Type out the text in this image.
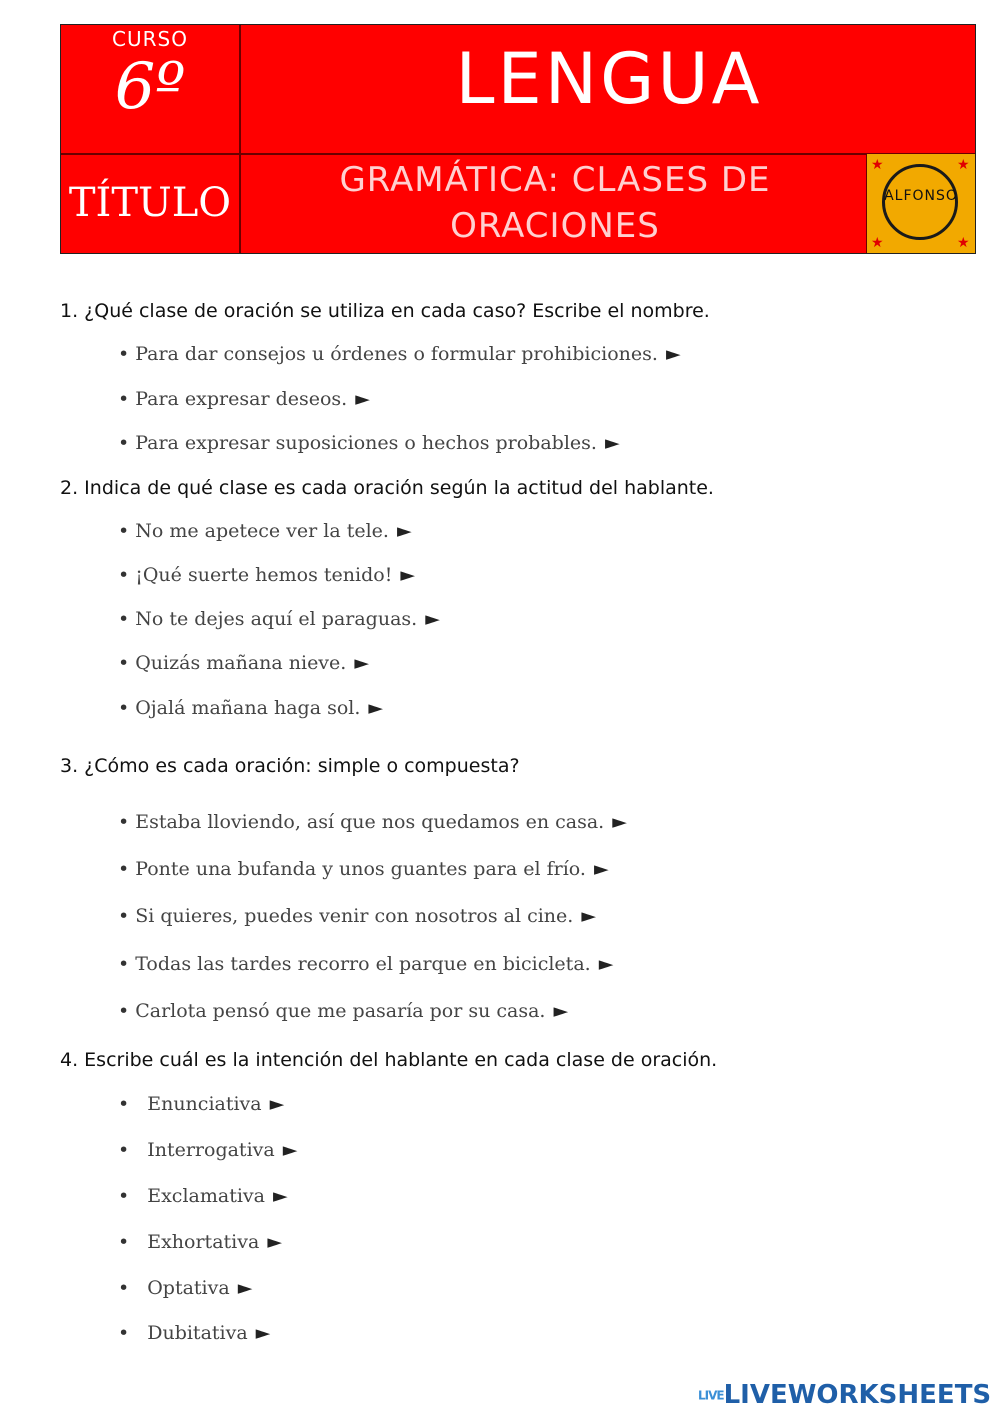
CURSO
6º	LENGUA
TÍTULO	GRAMÁTICA: CLASES DE
ORACIONES
★	★
★	★
ALFONSO
1. ¿Qué clase de oración se utiliza en cada caso? Escribe el nombre.
• Para dar consejos u órdenes o formular prohibiciones. ►
• Para expresar deseos. ►
• Para expresar suposiciones o hechos probables. ►
2. Indica de qué clase es cada oración según la actitud del hablante.
• No me apetece ver la tele. ►
• ¡Qué suerte hemos tenido! ►
• No te dejes aquí el paraguas. ►
• Quizás mañana nieve. ►
• Ojalá mañana haga sol. ►
3. ¿Cómo es cada oración: simple o compuesta?
• Estaba lloviendo, así que nos quedamos en casa. ►
• Ponte una bufanda y unos guantes para el frío. ►
• Si quieres, puedes venir con nosotros al cine. ►
• Todas las tardes recorro el parque en bicicleta. ►
• Carlota pensó que me pasaría por su casa. ►
4. Escribe cuál es la intención del hablante en cada clase de oración.
• Enunciativa ►
• Interrogativa ►
• Exclamativa ►
• Exhortativa ►
• Optativa ►
• Dubitativa ►
LIVELIVEWORKSHEETS
